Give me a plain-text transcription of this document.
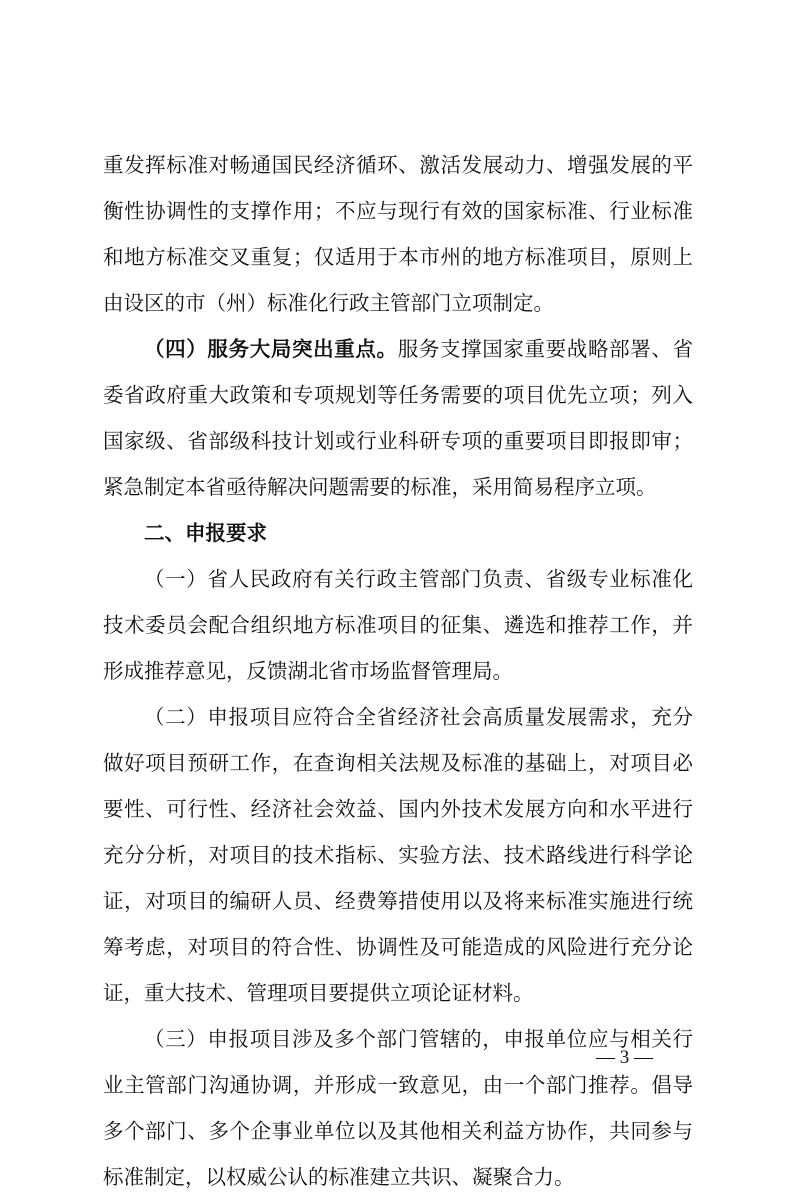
重发挥标准对畅通国民经济循环、激活发展动力、增强发展的平
衡性协调性的支撑作用；不应与现行有效的国家标准、行业标准
和地方标准交叉重复；仅适用于本市州的地方标准项目，原则上
由设区的市（州）标准化行政主管部门立项制定。
（四）服务大局突出重点。服务支撑国家重要战略部署、省
委省政府重大政策和专项规划等任务需要的项目优先立项；列入
国家级、省部级科技计划或行业科研专项的重要项目即报即审；
紧急制定本省亟待解决问题需要的标准，采用简易程序立项。
二、申报要求
（一）省人民政府有关行政主管部门负责、省级专业标准化
技术委员会配合组织地方标准项目的征集、遴选和推荐工作，并
形成推荐意见，反馈湖北省市场监督管理局。
（二）申报项目应符合全省经济社会高质量发展需求，充分
做好项目预研工作，在查询相关法规及标准的基础上，对项目必
要性、可行性、经济社会效益、国内外技术发展方向和水平进行
充分分析，对项目的技术指标、实验方法、技术路线进行科学论
证，对项目的编研人员、经费筹措使用以及将来标准实施进行统
筹考虑，对项目的符合性、协调性及可能造成的风险进行充分论
证，重大技术、管理项目要提供立项论证材料。
（三）申报项目涉及多个部门管辖的，申报单位应与相关行
业主管部门沟通协调，并形成一致意见，由一个部门推荐。倡导
多个部门、多个企事业单位以及其他相关利益方协作，共同参与
标准制定，以权威公认的标准建立共识、凝聚合力。
— 3 —
